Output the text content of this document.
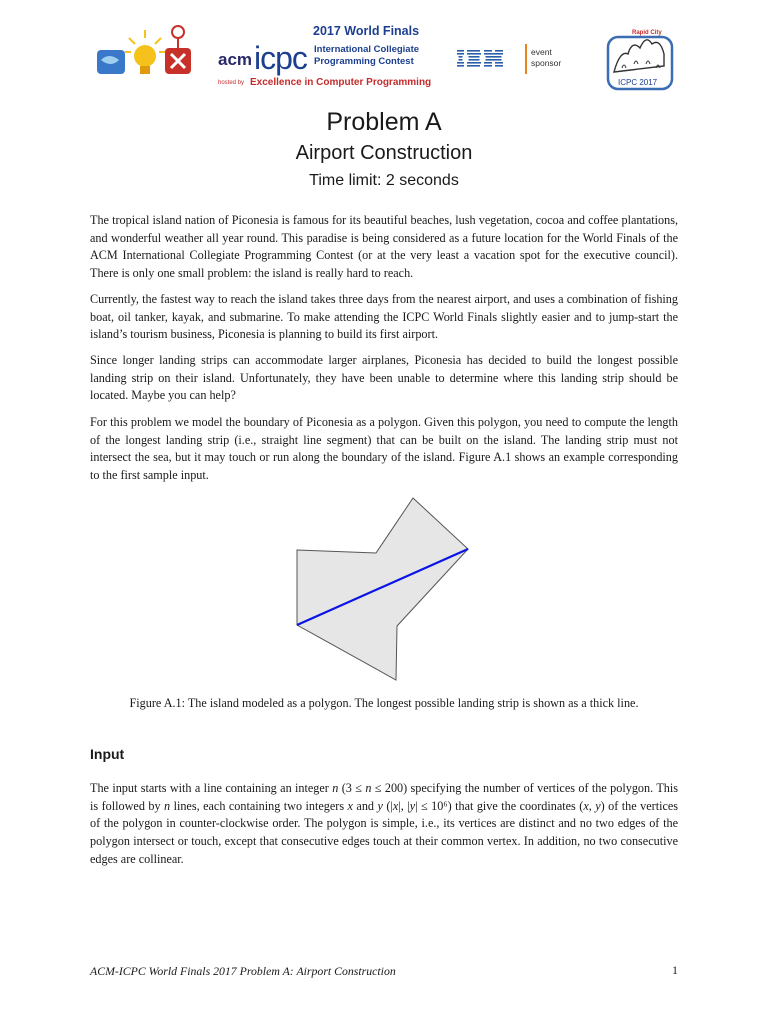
2017 World Finals
acm icpc International Collegiate
Programming Contest
hosted by Excellence in Computer Programming
event
sponsor
Rapid City
ICPC 2017
Problem A
Airport Construction
Time limit: 2 seconds
The tropical island nation of Piconesia is famous for its beautiful beaches, lush vegetation, cocoa and coffee plantations, and wonderful weather all year round. This paradise is being considered as a future location for the World Finals of the ACM International Collegiate Programming Contest (or at the very least a vacation spot for the executive council). There is only one small problem: the island is really hard to reach.
Currently, the fastest way to reach the island takes three days from the nearest airport, and uses a combination of fishing boat, oil tanker, kayak, and submarine. To make attending the ICPC World Finals slightly easier and to jump-start the island’s tourism business, Piconesia is planning to build its first airport.
Since longer landing strips can accommodate larger airplanes, Piconesia has decided to build the longest possible landing strip on their island. Unfortunately, they have been unable to determine where this landing strip should be located. Maybe you can help?
For this problem we model the boundary of Piconesia as a polygon. Given this polygon, you need to compute the length of the longest landing strip (i.e., straight line segment) that can be built on the island. The landing strip must not intersect the sea, but it may touch or run along the boundary of the island. Figure A.1 shows an example corresponding to the first sample input.
Figure A.1: The island modeled as a polygon. The longest possible landing strip is shown as a thick line.
Input
The input starts with a line containing an integer n (3 ≤ n ≤ 200) specifying the number of vertices of the polygon. This is followed by n lines, each containing two integers x and y (|x|, |y| ≤ 10⁶) that give the coordinates (x, y) of the vertices of the polygon in counter-clockwise order. The polygon is simple, i.e., its vertices are distinct and no two edges of the polygon intersect or touch, except that consecutive edges touch at their common vertex. In addition, no two consecutive edges are collinear.
ACM-ICPC World Finals 2017 Problem A: Airport Construction	1
